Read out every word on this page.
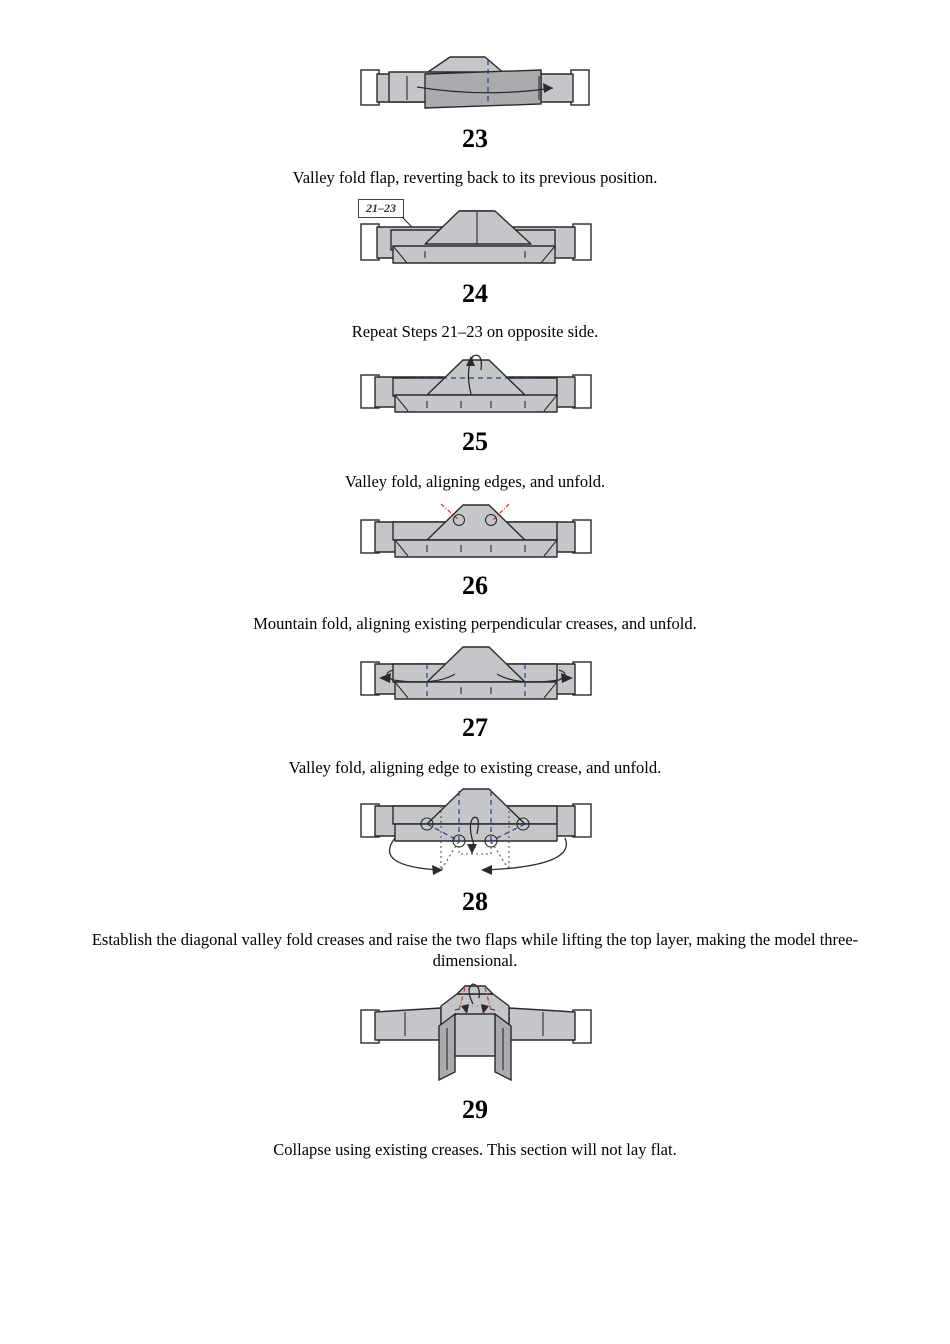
23
Valley fold flap, reverting back to its previous position.
21–23
24
Repeat Steps 21–23 on opposite side.
25
Valley fold, aligning edges, and unfold.
26
Mountain fold, aligning existing perpendicular creases, and unfold.
27
Valley fold, aligning edge to existing crease, and unfold.
28
Establish the diagonal valley fold creases and raise the two flaps while lifting the top layer, making the model three-dimensional.
29
Collapse using existing creases. This section will not lay flat.
